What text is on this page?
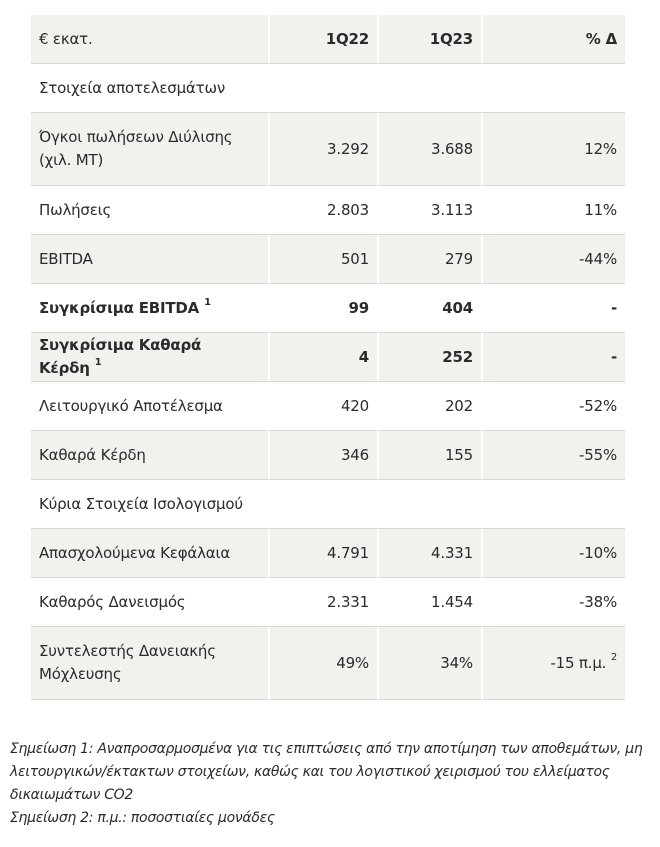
€ εκατ.	1Q22	1Q23	% Δ
Στοιχεία αποτελεσμάτων			
Όγκοι πωλήσεων Διύλισης (χιλ. ΜΤ)	3.292	3.688	12%
Πωλήσεις	2.803	3.113	11%
EBITDA	501	279	-44%
Συγκρίσιμα EBITDA $^1$	99	404	-
Συγκρίσιμα Καθαρά Κέρδη $^1$	4	252	-
Λειτουργικό Αποτέλεσμα	420	202	-52%
Καθαρά Κέρδη	346	155	-55%
Κύρια Στοιχεία Ισολογισμού			
Απασχολούμενα Κεφάλαια	4.791	4.331	-10%
Καθαρός Δανεισμός	2.331	1.454	-38%
Συντελεστής Δανειακής Μόχλευσης	49%	34%	-15 π.μ. $^2$

Σημείωση 1: Αναπροσαρμοσμένα για τις επιπτώσεις από την αποτίμηση των αποθεμάτων, μη λειτουργικών/έκτακτων στοιχείων, καθώς και του λογιστικού χειρισμού του ελλείματος δικαιωμάτων CO2

Σημείωση 2: π.μ.: ποσοστιαίες μονάδες
